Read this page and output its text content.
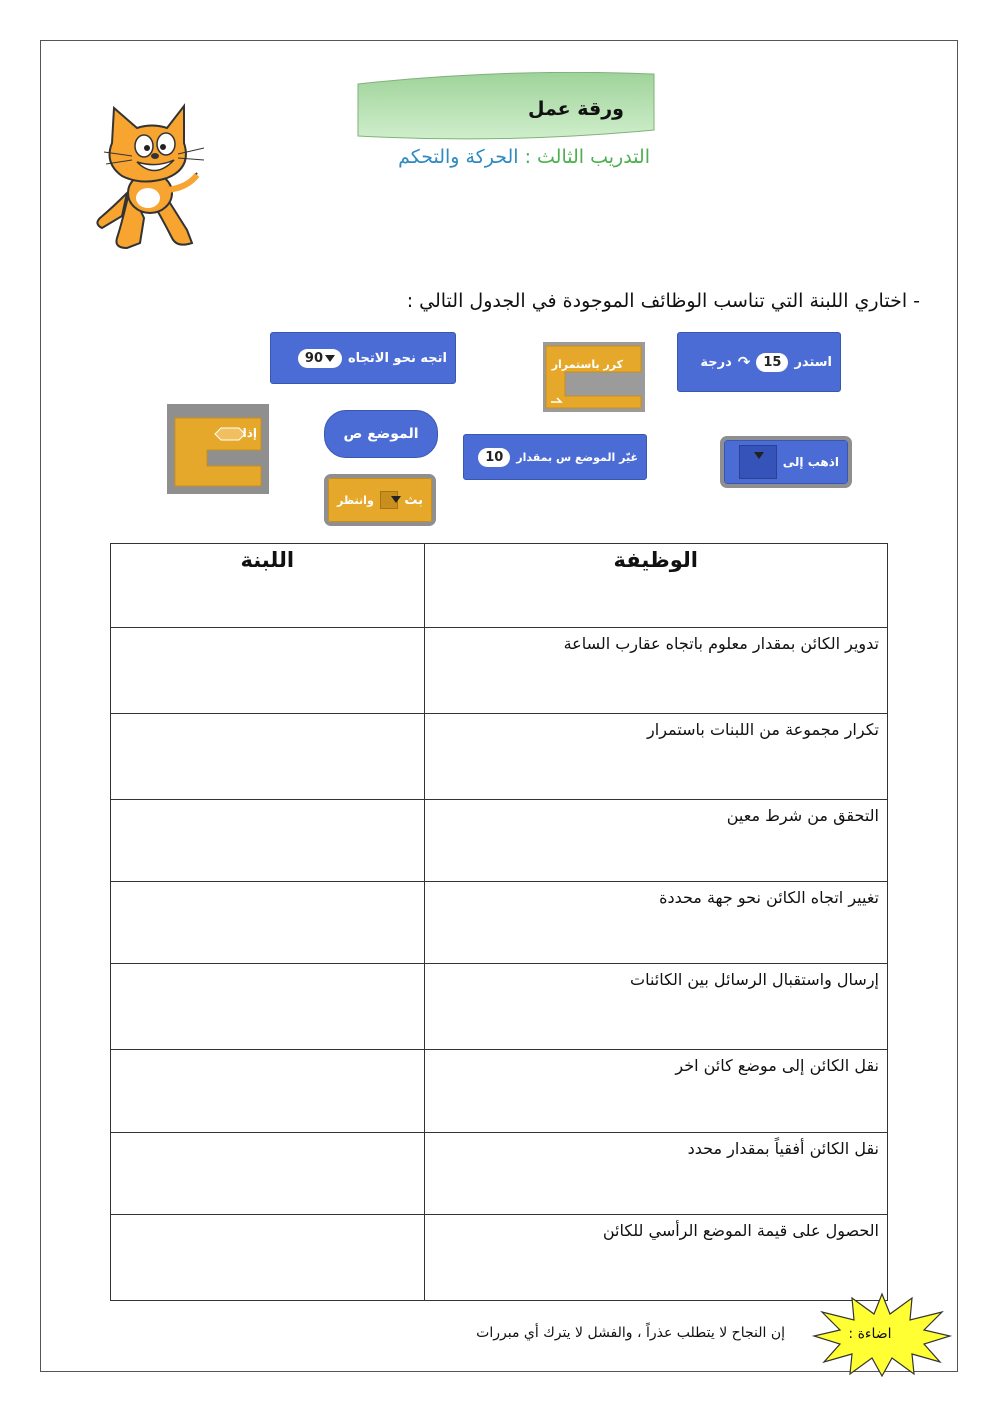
ورقة عمل
التدريب الثالث : الحركة والتحكم
- اختاري اللبنة التي تناسب الوظائف الموجودة في الجدول التالي :
اتجه نحو الاتجاه
90	كرر باستمرار	استدر
15
↷
درجة
إذا	الموضع ص
غيّر الموضع س بمقدار
10	اذهب إلى
بث
وانتظر
الوظيفة	اللبنة
تدوير الكائن بمقدار معلوم باتجاه عقارب الساعة	
تكرار مجموعة من اللبنات باستمرار	
التحقق من شرط معين	
تغيير اتجاه الكائن نحو جهة محددة	
إرسال واستقبال الرسائل بين الكائنات	
نقل الكائن إلى موضع كائن اخر	
نقل الكائن أفقياً بمقدار محدد	
الحصول على قيمة الموضع الرأسي للكائن	
إن النجاح لا يتطلب عذراً ، والفشل لا يترك أي مبررات	اضاءة :
